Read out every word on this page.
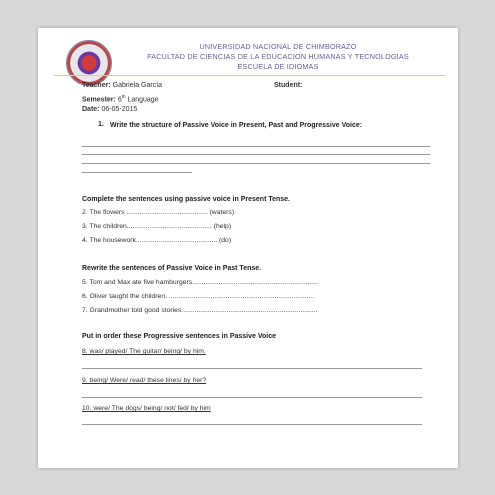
UNIVERSIDAD NACIONAL DE CHIMBORAZO
FACULTAD DE CIENCIAS DE LA EDUCACION HUMANAS Y TECNOLOGIAS
ESCUELA DE IDIOMAS
Teacher: Gabriela García	Student:
Semester: 6th Language
Date: 06-05-2015
1. Write the structure of Passive Voice in Present, Past and Progressive Voice:
Complete the sentences using passive voice in Present Tense.
2. The flowers ........................................... (waters)
3. The children............................................. (help)
4. The housework........................................... (do)
Rewrite the sentences of Passive Voice in Past Tense.
5. Tom and Max ate five hamburgers...................................................................
6. Oliver taught the children. .............................................................................
7. Grandmother told good stories........................................................................
Put in order these Progressive sentences in Passive Voice
8. was/ played/ The guitar/ being/ by him.
9. being/ Were/ read/ these lines/ by her?
10. were/ The dogs/ being/ not/ fed/ by him
